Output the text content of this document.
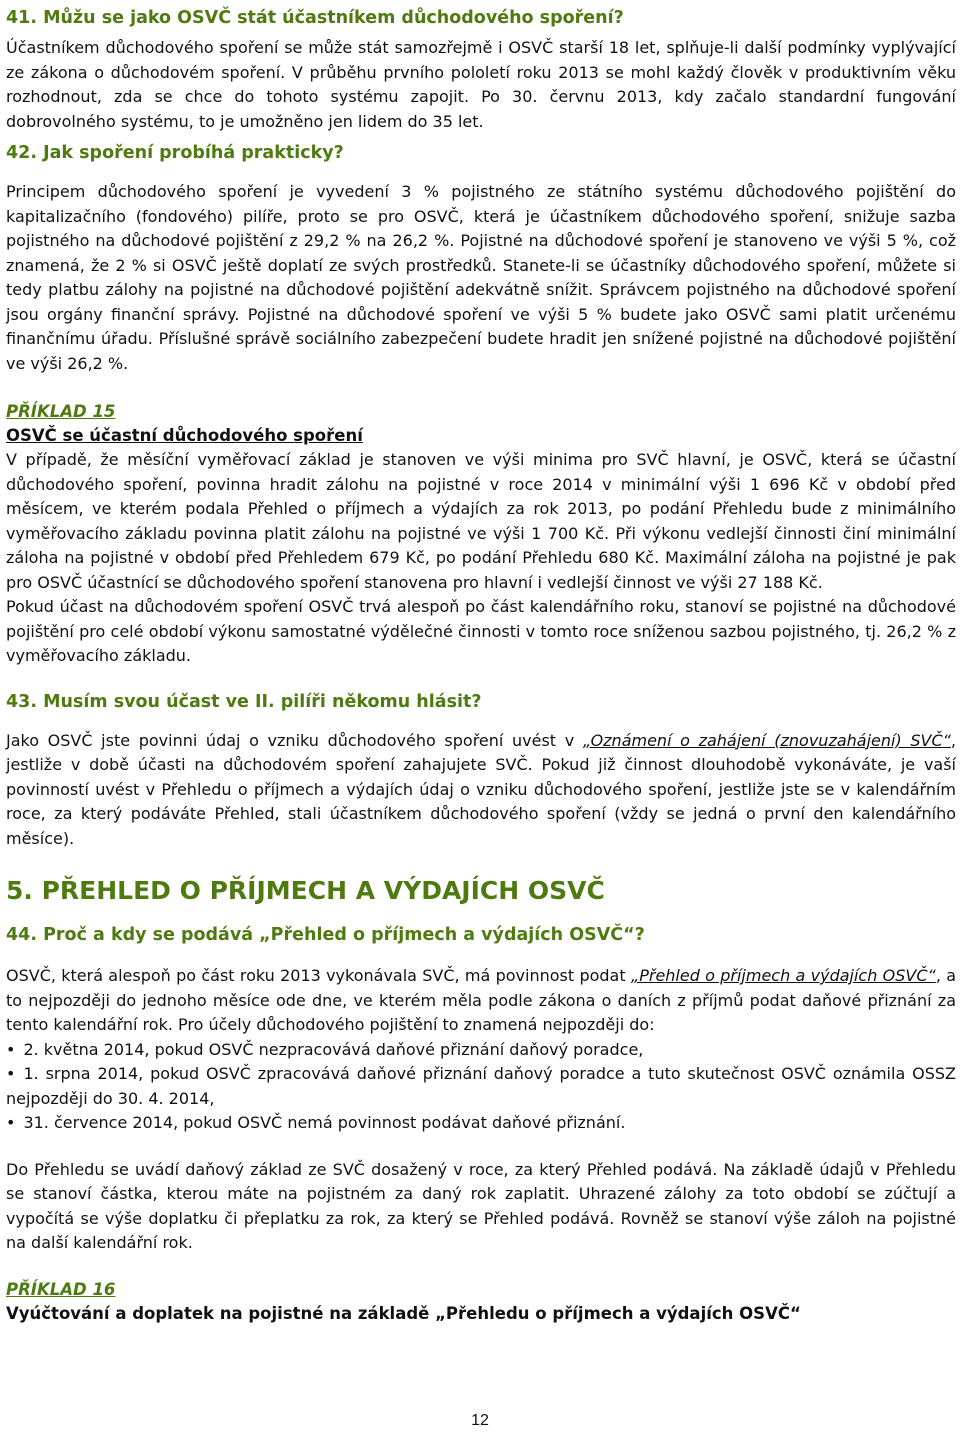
41. Můžu se jako OSVČ stát účastníkem důchodového spoření?

Účastníkem důchodového spoření se může stát samozřejmě i OSVČ starší 18 let, splňuje-li další podmínky vyplývající ze zákona o důchodovém spoření. V průběhu prvního pololetí roku 2013 se mohl každý člověk v produktivním věku rozhodnout, zda se chce do tohoto systému zapojit. Po 30. červnu 2013, kdy začalo standardní fungování dobrovolného systému, to je umožněno jen lidem do 35 let.

42. Jak spoření probíhá prakticky?

Principem důchodového spoření je vyvedení 3 % pojistného ze státního systému důchodového pojištění do kapitalizačního (fondového) pilíře, proto se pro OSVČ, která je účastníkem důchodového spoření, snižuje sazba pojistného na důchodové pojištění z 29,2 % na 26,2 %. Pojistné na důchodové spoření je stanoveno ve výši 5 %, což znamená, že 2 % si OSVČ ještě doplatí ze svých prostředků. Stanete-li se účastníky důchodového spoření, můžete si tedy platbu zálohy na pojistné na důchodové pojištění adekvátně snížit. Správcem pojistného na důchodové spoření jsou orgány finanční správy. Pojistné na důchodové spoření ve výši 5 % budete jako OSVČ sami platit určenému finančnímu úřadu. Příslušné správě sociálního zabezpečení budete hradit jen snížené pojistné na důchodové pojištění ve výši 26,2 %.

PŘÍKLAD 15
OSVČ se účastní důchodového spoření

V případě, že měsíční vyměřovací základ je stanoven ve výši minima pro SVČ hlavní, je OSVČ, která se účastní důchodového spoření, povinna hradit zálohu na pojistné v roce 2014 v minimální výši 1 696 Kč v období před měsícem, ve kterém podala Přehled o příjmech a výdajích za rok 2013, po podání Přehledu bude z minimálního vyměřovacího základu povinna platit zálohu na pojistné ve výši 1 700 Kč. Při výkonu vedlejší činnosti činí minimální záloha na pojistné v období před Přehledem 679 Kč, po podání Přehledu 680 Kč. Maximální záloha na pojistné je pak pro OSVČ účastnící se důchodového spoření stanovena pro hlavní i vedlejší činnost ve výši 27 188 Kč.

Pokud účast na důchodovém spoření OSVČ trvá alespoň po část kalendářního roku, stanoví se pojistné na důchodové pojištění pro celé období výkonu samostatné výdělečné činnosti v tomto roce sníženou sazbou pojistného, tj. 26,2 % z vyměřovacího základu.

43. Musím svou účast ve II. pilíři někomu hlásit?

Jako OSVČ jste povinni údaj o vzniku důchodového spoření uvést v „Oznámení o zahájení (znovuzahájení) SVČ“, jestliže v době účasti na důchodovém spoření zahajujete SVČ. Pokud již činnost dlouhodobě vykonáváte, je vaší povinností uvést v Přehledu o příjmech a výdajích údaj o vzniku důchodového spoření, jestliže jste se v kalendářním roce, za který podáváte Přehled, stali účastníkem důchodového spoření (vždy se jedná o první den kalendářního měsíce).

5. PŘEHLED O PŘÍJMECH A VÝDAJÍCH OSVČ
44. Proč a kdy se podává „Přehled o příjmech a výdajích OSVČ“?

OSVČ, která alespoň po část roku 2013 vykonávala SVČ, má povinnost podat „Přehled o příjmech a výdajích OSVČ“, a to nejpozději do jednoho měsíce ode dne, ve kterém měla podle zákona o daních z příjmů podat daňové přiznání za tento kalendářní rok. Pro účely důchodového pojištění to znamená nejpozději do:

• 2. května 2014, pokud OSVČ nezpracovává daňové přiznání daňový poradce,
• 1. srpna 2014, pokud OSVČ zpracovává daňové přiznání daňový poradce a tuto skutečnost OSVČ oznámila OSSZ nejpozději do 30. 4. 2014,
• 31. července 2014, pokud OSVČ nemá povinnost podávat daňové přiznání.

Do Přehledu se uvádí daňový základ ze SVČ dosažený v roce, za který Přehled podává. Na základě údajů v Přehledu se stanoví částka, kterou máte na pojistném za daný rok zaplatit. Uhrazené zálohy za toto období se zúčtují a vypočítá se výše doplatku či přeplatku za rok, za který se Přehled podává. Rovněž se stanoví výše záloh na pojistné na další kalendářní rok.

PŘÍKLAD 16
Vyúčtování a doplatek na pojistné na základě „Přehledu o příjmech a výdajích OSVČ“
12
